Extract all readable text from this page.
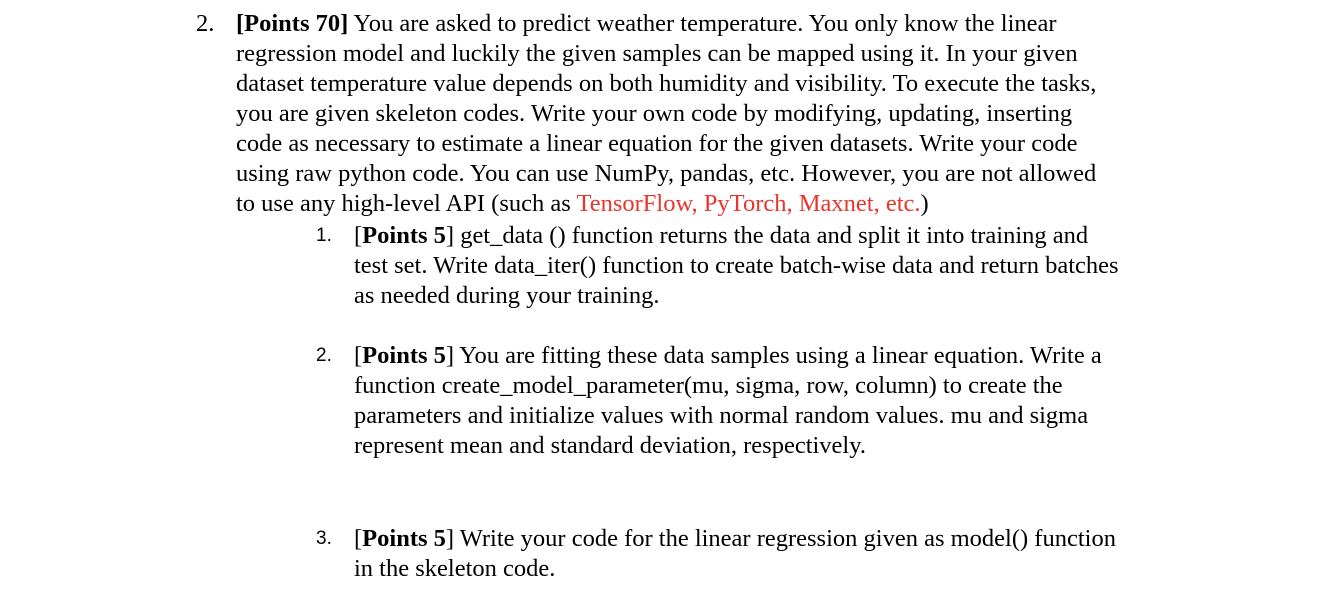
2. [Points 70] You are asked to predict weather temperature. You only know the linear
regression model and luckily the given samples can be mapped using it. In your given
dataset temperature value depends on both humidity and visibility. To execute the tasks,
you are given skeleton codes. Write your own code by modifying, updating, inserting
code as necessary to estimate a linear equation for the given datasets. Write your code
using raw python code. You can use NumPy, pandas, etc. However, you are not allowed
to use any high-level API (such as TensorFlow, PyTorch, Maxnet, etc.)
1. [Points 5] get_data () function returns the data and split it into training and
test set. Write data_iter() function to create batch-wise data and return batches
as needed during your training.
2. [Points 5] You are fitting these data samples using a linear equation. Write a
function create_model_parameter(mu, sigma, row, column) to create the
parameters and initialize values with normal random values. mu and sigma
represent mean and standard deviation, respectively.
3. [Points 5] Write your code for the linear regression given as model() function
in the skeleton code.
